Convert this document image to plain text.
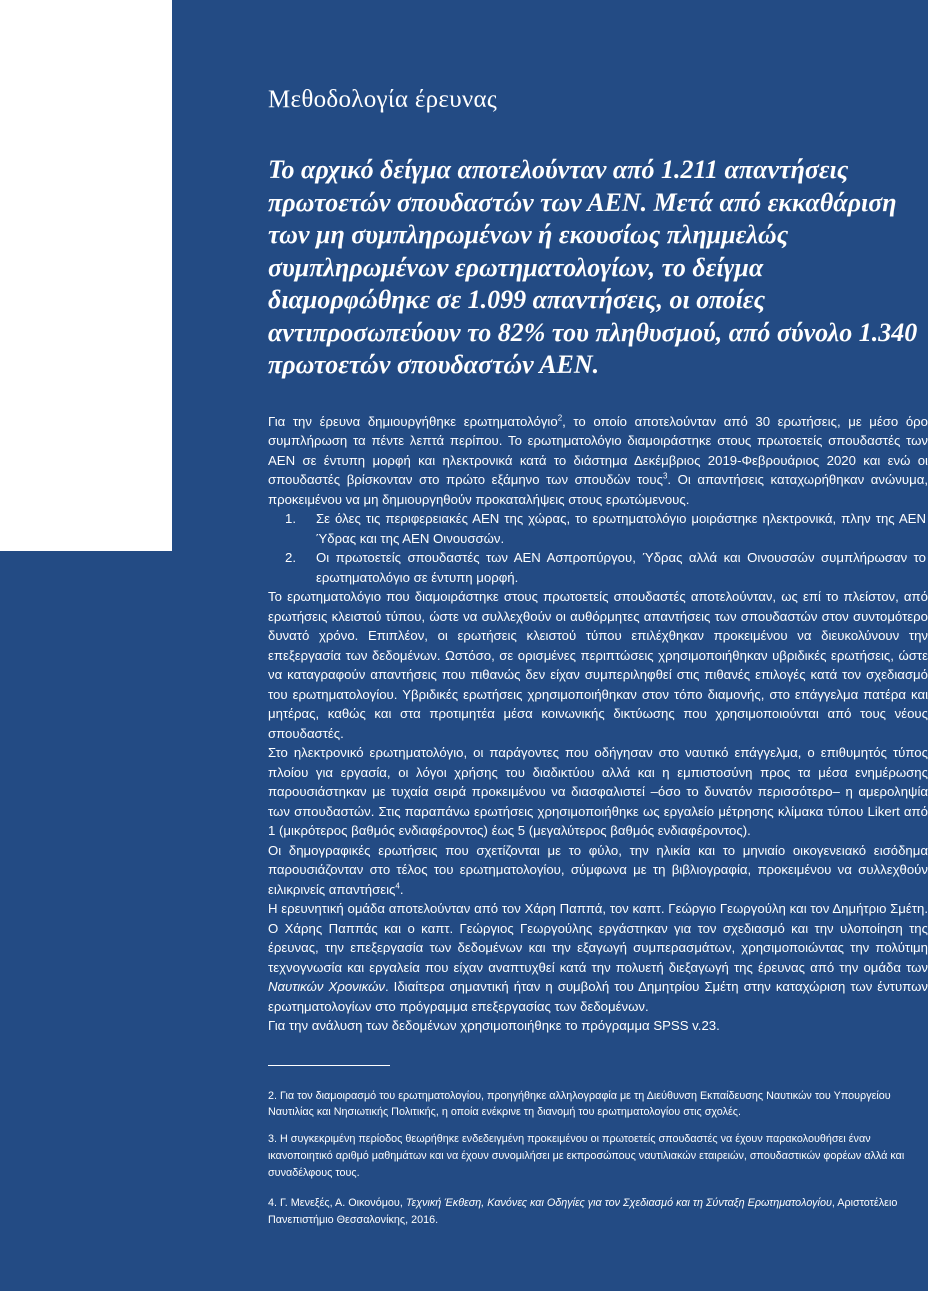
Μεθοδολογία έρευνας

Το αρχικό δείγμα αποτελούνταν από 1.211 απαντήσεις πρωτοετών σπουδαστών των ΑΕΝ. Μετά από εκκαθάριση των μη συμπληρωμένων ή εκουσίως πλημμελώς συμπληρωμένων ερωτηματολογίων, το δείγμα διαμορφώθηκε σε 1.099 απαντήσεις, οι οποίες αντιπροσωπεύουν το 82% του πληθυσμού, από σύνολο 1.340 πρωτοετών σπουδαστών ΑΕΝ.

Για την έρευνα δημιουργήθηκε ερωτηματολόγιο$^2$, το οποίο αποτελούνταν από 30 ερωτήσεις, με μέσο όρο συμπλήρωση τα πέντε λεπτά περίπου. Το ερωτηματολόγιο διαμοιράστηκε στους πρωτοετείς σπουδαστές των ΑΕΝ σε έντυπη μορφή και ηλεκτρονικά κατά το διάστημα Δεκέμβριος 2019-Φεβρουάριος 2020 και ενώ οι σπουδαστές βρίσκονταν στο πρώτο εξάμηνο των σπουδών τους$^3$. Οι απαντήσεις καταχωρήθηκαν ανώνυμα, προκειμένου να μη δημιουργηθούν προκαταλήψεις στους ερωτώμενους.

1. Σε όλες τις περιφερειακές ΑΕΝ της χώρας, το ερωτηματολόγιο μοιράστηκε ηλεκτρονικά, πλην της ΑΕΝ Ύδρας και της ΑΕΝ Οινουσσών.
2. Οι πρωτοετείς σπουδαστές των ΑΕΝ Ασπροπύργου, Ύδρας αλλά και Οινουσσών συμπλήρωσαν το ερωτηματολόγιο σε έντυπη μορφή.

Το ερωτηματολόγιο που διαμοιράστηκε στους πρωτοετείς σπουδαστές αποτελούνταν, ως επί το πλείστον, από ερωτήσεις κλειστού τύπου, ώστε να συλλεχθούν οι αυθόρμητες απαντήσεις των σπουδαστών στον συντομότερο δυνατό χρόνο. Επιπλέον, οι ερωτήσεις κλειστού τύπου επιλέχθηκαν προκειμένου να διευκολύνουν την επεξεργασία των δεδομένων. Ωστόσο, σε ορισμένες περιπτώσεις χρησιμοποιήθηκαν υβριδικές ερωτήσεις, ώστε να καταγραφούν απαντήσεις που πιθανώς δεν είχαν συμπεριληφθεί στις πιθανές επιλογές κατά τον σχεδιασμό του ερωτηματολογίου. Υβριδικές ερωτήσεις χρησιμοποιήθηκαν στον τόπο διαμονής, στο επάγγελμα πατέρα και μητέρας, καθώς και στα προτιμητέα μέσα κοινωνικής δικτύωσης που χρησιμοποιούνται από τους νέους σπουδαστές.

Στο ηλεκτρονικό ερωτηματολόγιο, οι παράγοντες που οδήγησαν στο ναυτικό επάγγελμα, ο επιθυμητός τύπος πλοίου για εργασία, οι λόγοι χρήσης του διαδικτύου αλλά και η εμπιστοσύνη προς τα μέσα ενημέρωσης παρουσιάστηκαν με τυχαία σειρά προκειμένου να διασφαλιστεί –όσο το δυνατόν περισσότερο– η αμεροληψία των σπουδαστών. Στις παραπάνω ερωτήσεις χρησιμοποιήθηκε ως εργαλείο μέτρησης κλίμακα τύπου Likert από 1 (μικρότερος βαθμός ενδιαφέροντος) έως 5 (μεγαλύτερος βαθμός ενδιαφέροντος).

Οι δημογραφικές ερωτήσεις που σχετίζονται με το φύλο, την ηλικία και το μηνιαίο οικογενειακό εισόδημα παρουσιάζονταν στο τέλος του ερωτηματολογίου, σύμφωνα με τη βιβλιογραφία, προκειμένου να συλλεχθούν ειλικρινείς απαντήσεις$^4$.

Η ερευνητική ομάδα αποτελούνταν από τον Χάρη Παππά, τον καπτ. Γεώργιο Γεωργούλη και τον Δημήτριο Σμέτη. Ο Χάρης Παππάς και ο καπτ. Γεώργιος Γεωργούλης εργάστηκαν για τον σχεδιασμό και την υλοποίηση της έρευνας, την επεξεργασία των δεδομένων και την εξαγωγή συμπερασμάτων, χρησιμοποιώντας την πολύτιμη τεχνογνωσία και εργαλεία που είχαν αναπτυχθεί κατά την πολυετή διεξαγωγή της έρευνας από την ομάδα των Ναυτικών Χρονικών. Ιδιαίτερα σημαντική ήταν η συμβολή του Δημητρίου Σμέτη στην καταχώριση των έντυπων ερωτηματολογίων στο πρόγραμμα επεξεργασίας των δεδομένων.

Για την ανάλυση των δεδομένων χρησιμοποιήθηκε το πρόγραμμα SPSS v.23.

2. Για τον διαμοιρασμό του ερωτηματολογίου, προηγήθηκε αλληλογραφία με τη Διεύθυνση Εκπαίδευσης Ναυτικών του Υπουργείου Ναυτιλίας και Νησιωτικής Πολιτικής, η οποία ενέκρινε τη διανομή του ερωτηματολογίου στις σχολές.

3. Η συγκεκριμένη περίοδος θεωρήθηκε ενδεδειγμένη προκειμένου οι πρωτοετείς σπουδαστές να έχουν παρακολουθήσει έναν ικανοποιητικό αριθμό μαθημάτων και να έχουν συνομιλήσει με εκπροσώπους ναυτιλιακών εταιρειών, σπουδαστικών φορέων αλλά και συναδέλφους τους.

4. Γ. Μενεξές, Α. Οικονόμου, Τεχνική Έκθεση, Κανόνες και Οδηγίες για τον Σχεδιασμό και τη Σύνταξη Ερωτηματολογίου, Αριστοτέλειο Πανεπιστήμιο Θεσσαλονίκης, 2016.
